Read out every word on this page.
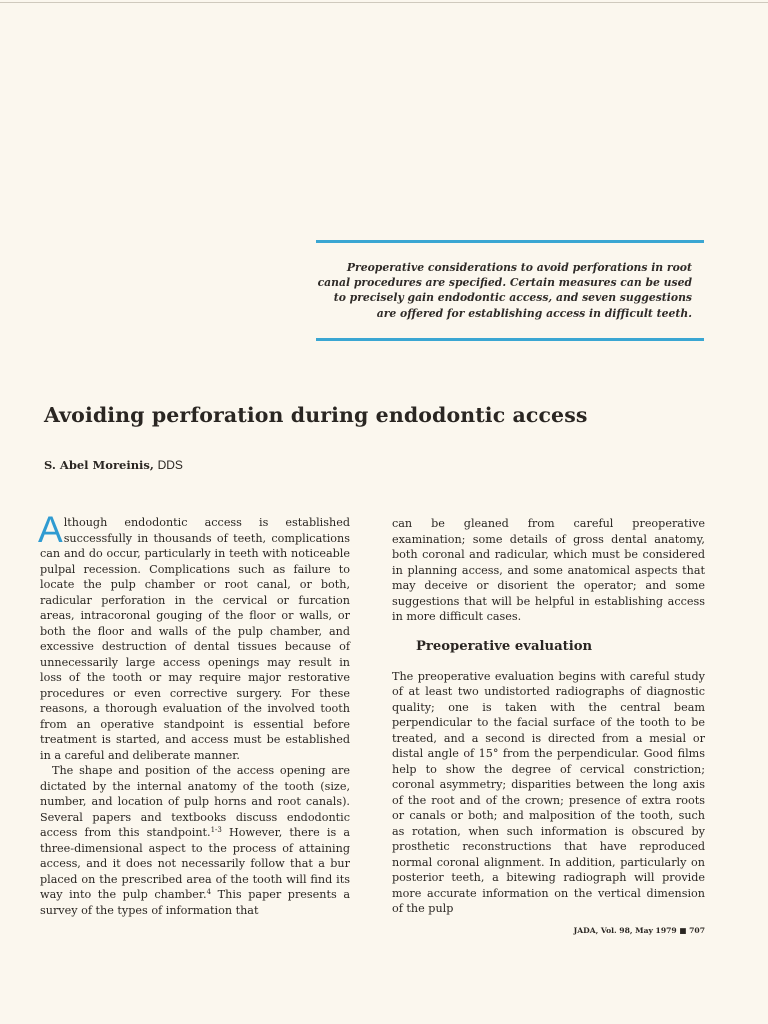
Preoperative considerations to avoid perforations in root
canal procedures are specified. Certain measures can be used
to precisely gain endodontic access, and seven suggestions
are offered for establishing access in difficult teeth.
Avoiding perforation during endodontic access
S. Abel Moreinis, DDS

Although endodontic access is established successfully in thousands of teeth, complications can and do occur, particularly in teeth with noticeable pulpal recession. Complications such as failure to locate the pulp chamber or root canal, or both, radicular perforation in the cervical or furcation areas, intracoronal gouging of the floor or walls, or both the floor and walls of the pulp chamber, and excessive destruction of dental tissues because of unnecessarily large access openings may result in loss of the tooth or may require major restorative procedures or even corrective surgery. For these reasons, a thorough evaluation of the involved tooth from an operative standpoint is essential before treatment is started, and access must be established in a careful and deliberate manner.

The shape and position of the access opening are dictated by the internal anatomy of the tooth (size, number, and location of pulp horns and root canals). Several papers and textbooks discuss endodontic access from this standpoint.$^{1-3}$ However, there is a three-dimensional aspect to the process of attaining access, and it does not necessarily follow that a bur placed on the prescribed area of the tooth will find its way into the pulp chamber.$^4$ This paper presents a survey of the types of information that

can be gleaned from careful preoperative examination; some details of gross dental anatomy, both coronal and radicular, which must be considered in planning access, and some anatomical aspects that may deceive or disorient the operator; and some suggestions that will be helpful in establishing access in more difficult cases.

Preoperative evaluation

The preoperative evaluation begins with careful study of at least two undistorted radiographs of diagnostic quality; one is taken with the central beam perpendicular to the facial surface of the tooth to be treated, and a second is directed from a mesial or distal angle of 15° from the perpendicular. Good films help to show the degree of cervical constriction; coronal asymmetry; disparities between the long axis of the root and of the crown; presence of extra roots or canals or both; and malposition of the tooth, such as rotation, when such information is obscured by prosthetic reconstructions that have reproduced normal coronal alignment. In addition, particularly on posterior teeth, a bitewing radiograph will provide more accurate information on the vertical dimension of the pulp

JADA, Vol. 98, May 1979 ■ 707
